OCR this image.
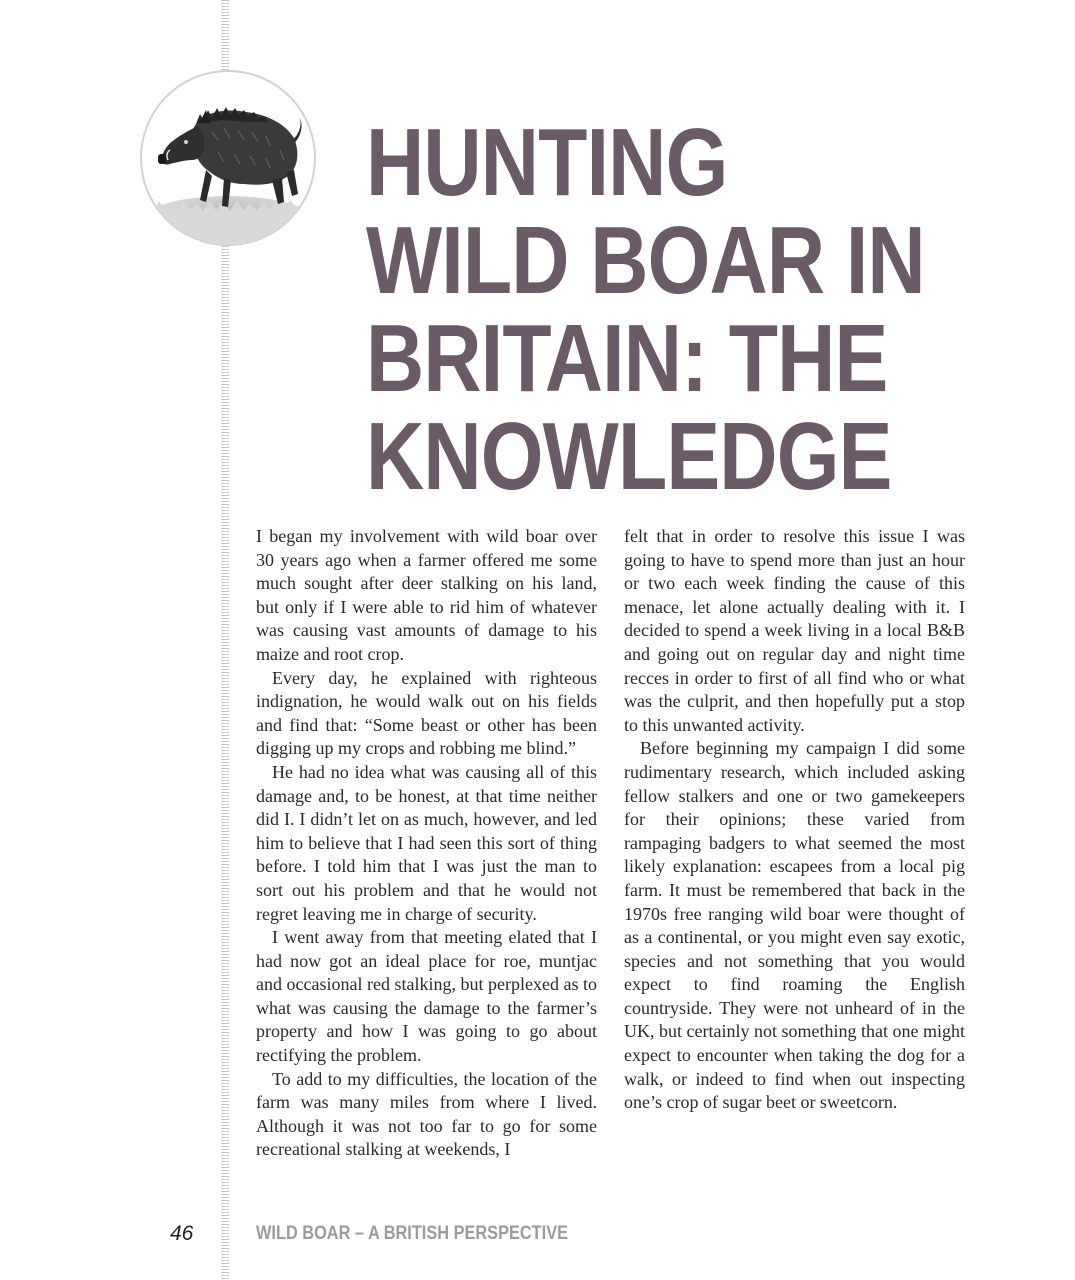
HUNTING
WILD BOAR IN
BRITAIN: THE
KNOWLEDGE

I began my involvement with wild boar over 30 years ago when a farmer offered me some much sought after deer stalking on his land, but only if I were able to rid him of whatever was causing vast amounts of damage to his maize and root crop.

Every day, he explained with righteous indignation, he would walk out on his fields and find that: “Some beast or other has been digging up my crops and robbing me blind.”

He had no idea what was causing all of this damage and, to be honest, at that time neither did I. I didn’t let on as much, however, and led him to believe that I had seen this sort of thing before. I told him that I was just the man to sort out his problem and that he would not regret leaving me in charge of security.

I went away from that meeting elated that I had now got an ideal place for roe, muntjac and occasional red stalking, but perplexed as to what was causing the damage to the farmer’s property and how I was going to go about rectifying the problem.

To add to my difficulties, the location of the farm was many miles from where I lived. Although it was not too far to go for some recreational stalking at weekends, I

felt that in order to resolve this issue I was going to have to spend more than just an hour or two each week finding the cause of this menace, let alone actually dealing with it. I decided to spend a week living in a local B&B and going out on regular day and night time recces in order to first of all find who or what was the culprit, and then hopefully put a stop to this unwanted activity.

Before beginning my campaign I did some rudimentary research, which included asking fellow stalkers and one or two gamekeepers for their opinions; these varied from rampaging badgers to what seemed the most likely explanation: escapees from a local pig farm. It must be remembered that back in the 1970s free ranging wild boar were thought of as a continental, or you might even say exotic, species and not something that you would expect to find roaming the English countryside. They were not unheard of in the UK, but certainly not something that one might expect to encounter when taking the dog for a walk, or indeed to find when out inspecting one’s crop of sugar beet or sweetcorn.

46	WILD BOAR – A BRITISH PERSPECTIVE
